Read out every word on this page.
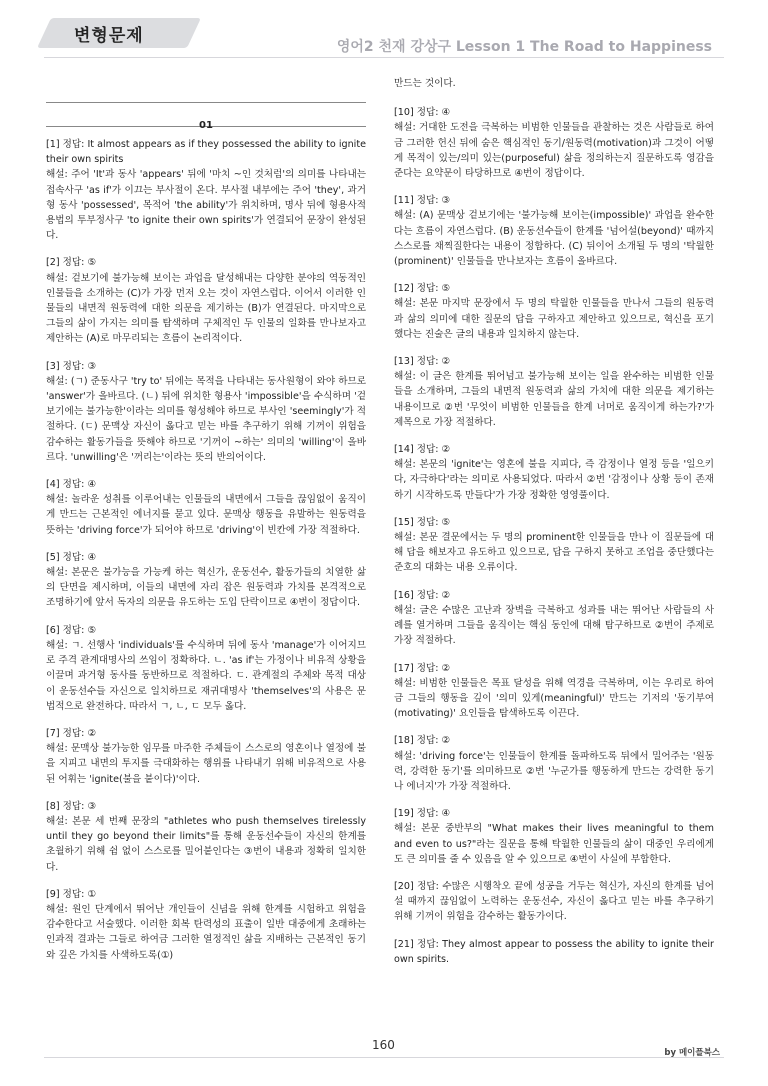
변형문제
영어2 천재 강상구 Lesson 1 The Road to Happiness
01
[1] 정답: It almost appears as if they possessed the ability to ignite their own spirits
해설: 주어 'It'과 동사 'appears' 뒤에 '마치 ~인 것처럼'의 의미를 나타내는 접속사구 'as if'가 이끄는 부사절이 온다. 부사절 내부에는 주어 'they', 과거형 동사 'possessed', 목적어 'the ability'가 위치하며, 명사 뒤에 형용사적 용법의 투부정사구 'to ignite their own spirits'가 연결되어 문장이 완성된다.
[2] 정답: ⑤
해설: 겉보기에 불가능해 보이는 과업을 달성해내는 다양한 분야의 역동적인 인물들을 소개하는 (C)가 가장 먼저 오는 것이 자연스럽다. 이어서 이러한 인물들의 내면적 원동력에 대한 의문을 제기하는 (B)가 연결된다. 마지막으로 그들의 삶이 가지는 의미를 탐색하며 구체적인 두 인물의 일화를 만나보자고 제안하는 (A)로 마무리되는 흐름이 논리적이다.
[3] 정답: ③
해설: (ㄱ) 준동사구 'try to' 뒤에는 목적을 나타내는 동사원형이 와야 하므로 'answer'가 올바르다. (ㄴ) 뒤에 위치한 형용사 'impossible'을 수식하며 '겉보기에는 불가능한'이라는 의미를 형성해야 하므로 부사인 'seemingly'가 적절하다. (ㄷ) 문맥상 자신이 옳다고 믿는 바를 추구하기 위해 기꺼이 위험을 감수하는 활동가들을 뜻해야 하므로 '기꺼이 ~하는' 의미의 'willing'이 올바르다. 'unwilling'은 '꺼리는'이라는 뜻의 반의어이다.
[4] 정답: ④
해설: 놀라운 성취를 이루어내는 인물들의 내면에서 그들을 끊임없이 움직이게 만드는 근본적인 에너지를 묻고 있다. 문맥상 행동을 유발하는 원동력을 뜻하는 'driving force'가 되어야 하므로 'driving'이 빈칸에 가장 적절하다.
[5] 정답: ④
해설: 본문은 불가능을 가능케 하는 혁신가, 운동선수, 활동가들의 치열한 삶의 단면을 제시하며, 이들의 내면에 자리 잡은 원동력과 가치를 본격적으로 조명하기에 앞서 독자의 의문을 유도하는 도입 단락이므로 ④번이 정답이다.
[6] 정답: ⑤
해설: ㄱ. 선행사 'individuals'를 수식하며 뒤에 동사 'manage'가 이어지므로 주격 관계대명사의 쓰임이 정확하다. ㄴ. 'as if'는 가정이나 비유적 상황을 이끌며 과거형 동사를 동반하므로 적절하다. ㄷ. 관계절의 주체와 목적 대상이 운동선수들 자신으로 일치하므로 재귀대명사 'themselves'의 사용은 문법적으로 완전하다. 따라서 ㄱ, ㄴ, ㄷ 모두 옳다.
[7] 정답: ②
해설: 문맥상 불가능한 임무를 마주한 주체들이 스스로의 영혼이나 열정에 불을 지피고 내면의 투지를 극대화하는 행위를 나타내기 위해 비유적으로 사용된 어휘는 'ignite(불을 붙이다)'이다.
[8] 정답: ③
해설: 본문 세 번째 문장의 "athletes who push themselves tirelessly until they go beyond their limits"를 통해 운동선수들이 자신의 한계를 초월하기 위해 쉼 없이 스스로를 밀어붙인다는 ③번이 내용과 정확히 일치한다.
[9] 정답: ①
해설: 원인 단계에서 뛰어난 개인들이 신념을 위해 한계를 시험하고 위험을 감수한다고 서술했다. 이러한 회복 탄력성의 표출이 일반 대중에게 초래하는 인과적 결과는 그들로 하여금 그러한 열정적인 삶을 지배하는 근본적인 동기와 깊은 가치를 사색하도록(①)
만드는 것이다.
[10] 정답: ④
해설: 거대한 도전을 극복하는 비범한 인물들을 관찰하는 것은 사람들로 하여금 그러한 헌신 뒤에 숨은 핵심적인 동기/원동력(motivation)과 그것이 어떻게 목적이 있는/의미 있는(purposeful) 삶을 정의하는지 질문하도록 영감을 준다는 요약문이 타당하므로 ④번이 정답이다.
[11] 정답: ③
해설: (A) 문맥상 겉보기에는 '불가능해 보이는(impossible)' 과업을 완수한다는 흐름이 자연스럽다. (B) 운동선수들이 한계를 '넘어설(beyond)' 때까지 스스로를 채찍질한다는 내용이 정합하다. (C) 뒤이어 소개될 두 명의 '탁월한(prominent)' 인물들을 만나보자는 흐름이 올바르다.
[12] 정답: ⑤
해설: 본문 마지막 문장에서 두 명의 탁월한 인물들을 만나서 그들의 원동력과 삶의 의미에 대한 질문의 답을 구하자고 제안하고 있으므로, 혁신을 포기했다는 진술은 글의 내용과 일치하지 않는다.
[13] 정답: ②
해설: 이 글은 한계를 뛰어넘고 불가능해 보이는 일을 완수하는 비범한 인물들을 소개하며, 그들의 내면적 원동력과 삶의 가치에 대한 의문을 제기하는 내용이므로 ②번 '무엇이 비범한 인물들을 한계 너머로 움직이게 하는가?'가 제목으로 가장 적절하다.
[14] 정답: ②
해설: 본문의 'ignite'는 영혼에 불을 지피다, 즉 감정이나 열정 등을 '일으키다, 자극하다'라는 의미로 사용되었다. 따라서 ②번 '감정이나 상황 등이 존재하기 시작하도록 만들다'가 가장 정확한 영영풀이다.
[15] 정답: ⑤
해설: 본문 결문에서는 두 명의 prominent한 인물들을 만나 이 질문들에 대해 답을 해보자고 유도하고 있으므로, 답을 구하지 못하고 조업을 중단했다는 준호의 대화는 내용 오류이다.
[16] 정답: ②
해설: 글은 수많은 고난과 장벽을 극복하고 성과를 내는 뛰어난 사람들의 사례를 열거하며 그들을 움직이는 핵심 동인에 대해 탐구하므로 ②번이 주제로 가장 적절하다.
[17] 정답: ②
해설: 비범한 인물들은 목표 달성을 위해 역경을 극복하며, 이는 우리로 하여금 그들의 행동을 깊이 '의미 있게(meaningful)' 만드는 기저의 '동기부여(motivating)' 요인들을 탐색하도록 이끈다.
[18] 정답: ②
해설: 'driving force'는 인물들이 한계를 돌파하도록 뒤에서 밀어주는 '원동력, 강력한 동기'를 의미하므로 ②번 '누군가를 행동하게 만드는 강력한 동기나 에너지'가 가장 적절하다.
[19] 정답: ④
해설: 본문 중반부의 "What makes their lives meaningful to them and even to us?"라는 질문을 통해 탁월한 인물들의 삶이 대중인 우리에게도 큰 의미를 줄 수 있음을 알 수 있으므로 ④번이 사실에 부합한다.
[20] 정답: 수많은 시행착오 끝에 성공을 거두는 혁신가, 자신의 한계를 넘어설 때까지 끊임없이 노력하는 운동선수, 자신이 옳다고 믿는 바를 추구하기 위해 기꺼이 위험을 감수하는 활동가이다.
[21] 정답: They almost appear to possess the ability to ignite their own spirits.
160
by 메이플북스
